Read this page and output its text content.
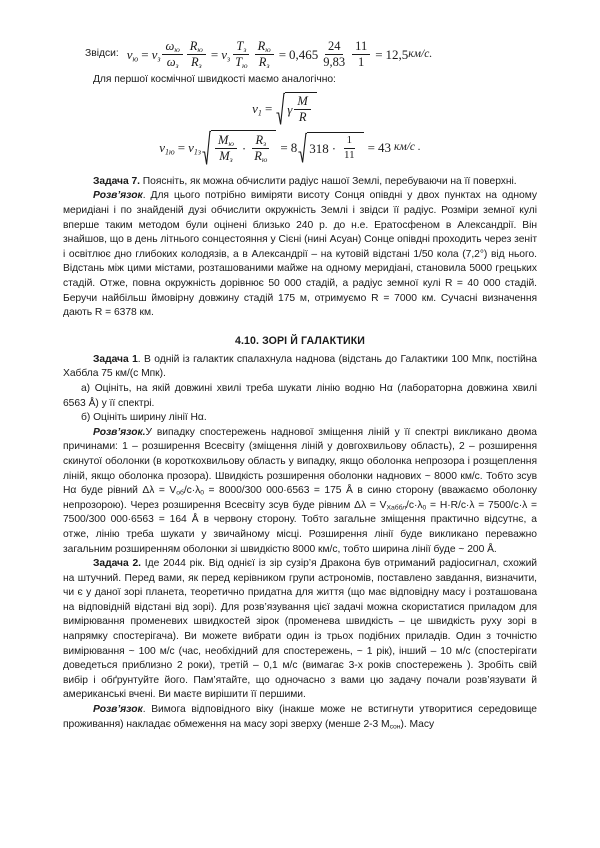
Звідси: $v_ю = v_з \frac{\omega_ю}{\omega_з} \frac{R_ю}{R_з} = v_з \frac{T_з}{T_ю} \frac{R_ю}{R_з} = 0,465 \frac{24}{9,83} \frac{11}{1} = 12,5$ км/с.

Для першої космічної швидкості маємо аналогічно:

$v_1 = \gamma \frac{M}{R}$
$v_{1ю} = v_{1з} \frac{M_ю}{M_з} \cdot \frac{R_з}{R_ю} = 8$ $318 \cdot \frac{1}{11} = 43$ км/с .

Задача 7. Поясніть, як можна обчислити радіус нашої Землі, перебуваючи на її поверхні.

Розв’язок. Для цього потрібно виміряти висоту Сонця опівдні у двох пунктах на одному меридіані і по знайденій дузі обчислити окружність Землі і звідси її радіус. Розміри земної кулі вперше таким методом були оцінені близько 240 р. до н.е. Ератосфеном в Александрії. Він знайшов, що в день літнього сонцестояння у Сієні (нині Асуан) Сонце опівдні проходить через зеніт і освітлює дно глибоких колодязів, а в Александрії – на кутовій відстані 1/50 кола (7,2°) від нього. Відстань між цими містами, розташованими майже на одному меридіані, становила 5000 грецьких стадій. Отже, повна окружність дорівнює 50 000 стадій, а радіус земної кулі R = 40 000 стадій. Беручи найбільш ймовірну довжину стадій 175 м, отримуємо R = 7000 км. Сучасні визначення дають R = 6378 км.

4.10. ЗОРІ Й ГАЛАКТИКИ

Задача 1. В одній із галактик спалахнула наднова (відстань до Галактики 100 Мпк, постійна Хаббла 75 км/(с Мпк).

а) Оцініть, на якій довжині хвилі треба шукати лінію водню Нα (лабораторна довжина хвилі 6563 Å) у її спектрі.

б) Оцініть ширину лінії Нα.

Розв’язок.У випадку спостережень наднової зміщення ліній у її спектрі викликано двома причинами: 1 – розширення Всесвіту (зміщення ліній у довгохвильову область), 2 – розширення скинутої оболонки (в короткохвильову область у випадку, якщо оболонка непрозора і розщеплення ліній, якщо оболонка прозора). Швидкість розширення оболонки наднових ~ 8000 км/с. Тобто зсув Нα буде рівний $\Delta\lambda = V_{об}/с\cdot\lambda_0 = 8000/300$ 000·6563 = 175 Å в синю сторону (вважаємо оболонку непрозорою). Через розширення Всесвіту зсув буде рівним $\Delta\lambda = V_{Хаббл}/с\cdot\lambda_0 = H\cdot R/с\cdot\lambda = 7500/с\cdot\lambda = 7500/300$ 000·6563 = 164 Å в червону сторону. Тобто загальне зміщення практично відсутнє, а отже, лінію треба шукати у звичайному місці. Розширення лінії буде викликано переважно загальним розширенням оболонки зі швидкістю 8000 км/с, тобто ширина лінії буде ~ 200 Å.

Задача 2. Іде 2044 рік. Від однієї із зір сузір’я Дракона був отриманий радіосигнал, схожий на штучний. Перед вами, як перед керівником групи астрономів, поставлено завдання, визначити, чи є у даної зорі планета, теоретично придатна для життя (що має відповідну масу і розташована на відповідній відстані від зорі). Для розв’язування цієї задачі можна скористатися приладом для вимірювання променевих швидкостей зірок (променева швидкість – це швидкість руху зорі в напрямку спостерігача). Ви можете вибрати один із трьох подібних приладів. Один з точністю вимірювання ~ 100 м/с (час, необхідний для спостережень, ~ 1 рік), інший – 10 м/с (спостерігати доведеться приблизно 2 роки), третій – 0,1 м/с (вимагає 3-х років спостережень ). Зробіть свій вибір і обґрунтуйте його. Пам’ятайте, що одночасно з вами цю задачу почали розв’язувати й американські вчені. Ви маєте вирішити її першими.

Розв’язок. Вимога відповідного віку (інакше може не встигнути утворитися середовище проживання) накладає обмеження на масу зорі зверху (менше 2-3 $M_{сон}$). Масу
